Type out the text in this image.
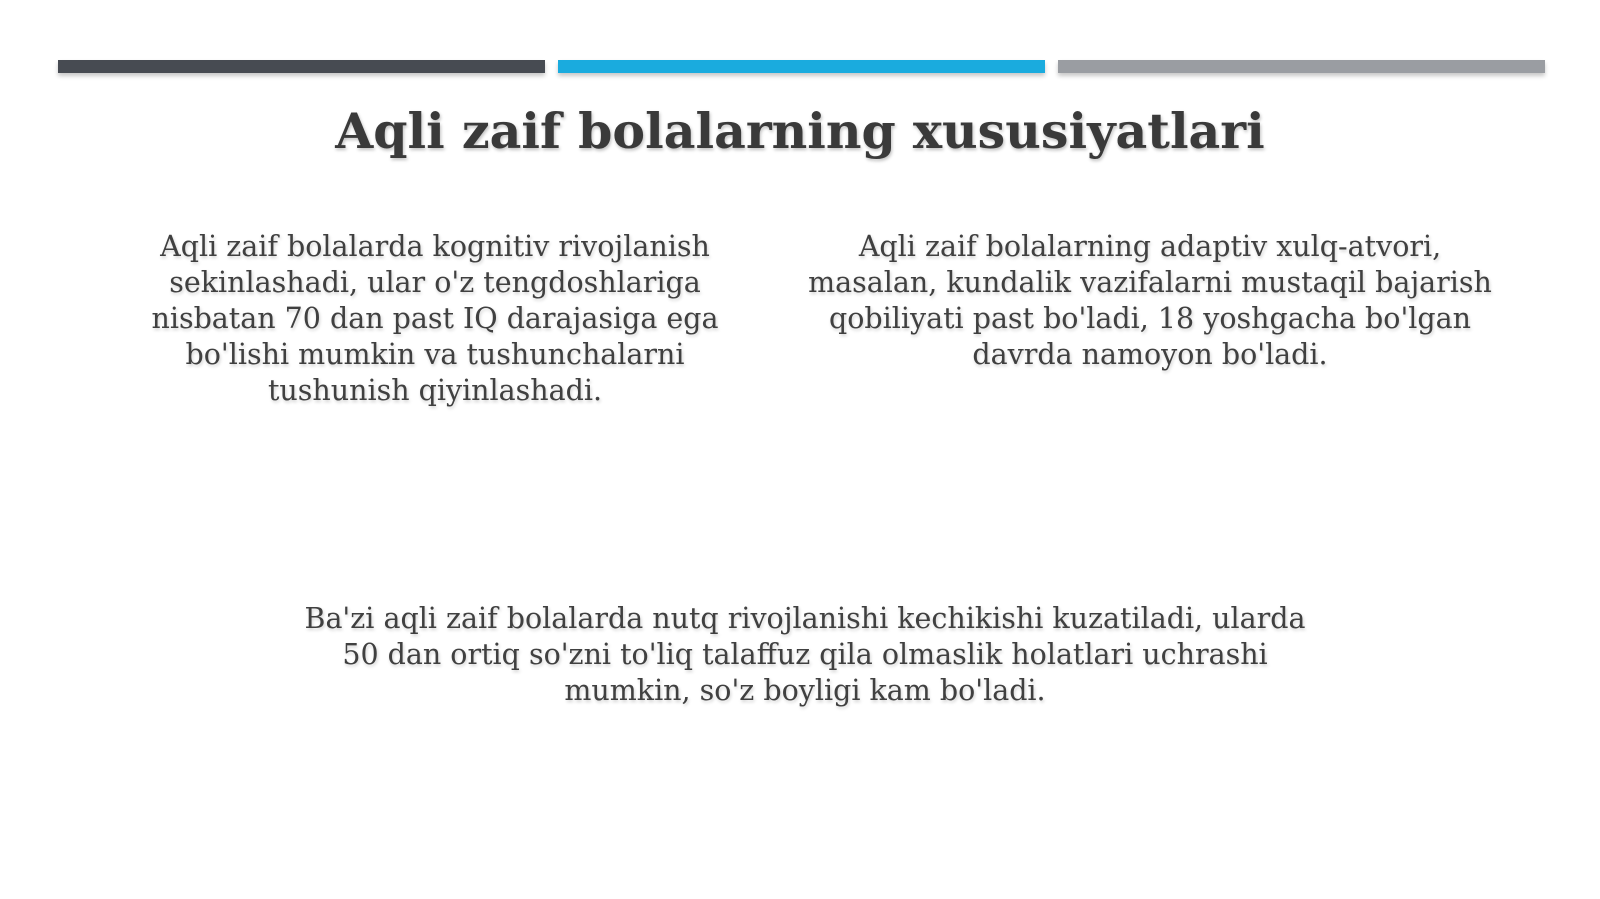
Aqli zaif bolalarning xususiyatlari

Aqli zaif bolalarda kognitiv rivojlanish sekinlashadi, ular o'z tengdoshlariga nisbatan 70 dan past IQ darajasiga ega bo'lishi mumkin va tushunchalarni tushunish qiyinlashadi.

Aqli zaif bolalarning adaptiv xulq-atvori, masalan, kundalik vazifalarni mustaqil bajarish qobiliyati past bo'ladi, 18 yoshgacha bo'lgan davrda namoyon bo'ladi.

Ba'zi aqli zaif bolalarda nutq rivojlanishi kechikishi kuzatiladi, ularda 50 dan ortiq so'zni to'liq talaffuz qila olmaslik holatlari uchrashi mumkin, so'z boyligi kam bo'ladi.
